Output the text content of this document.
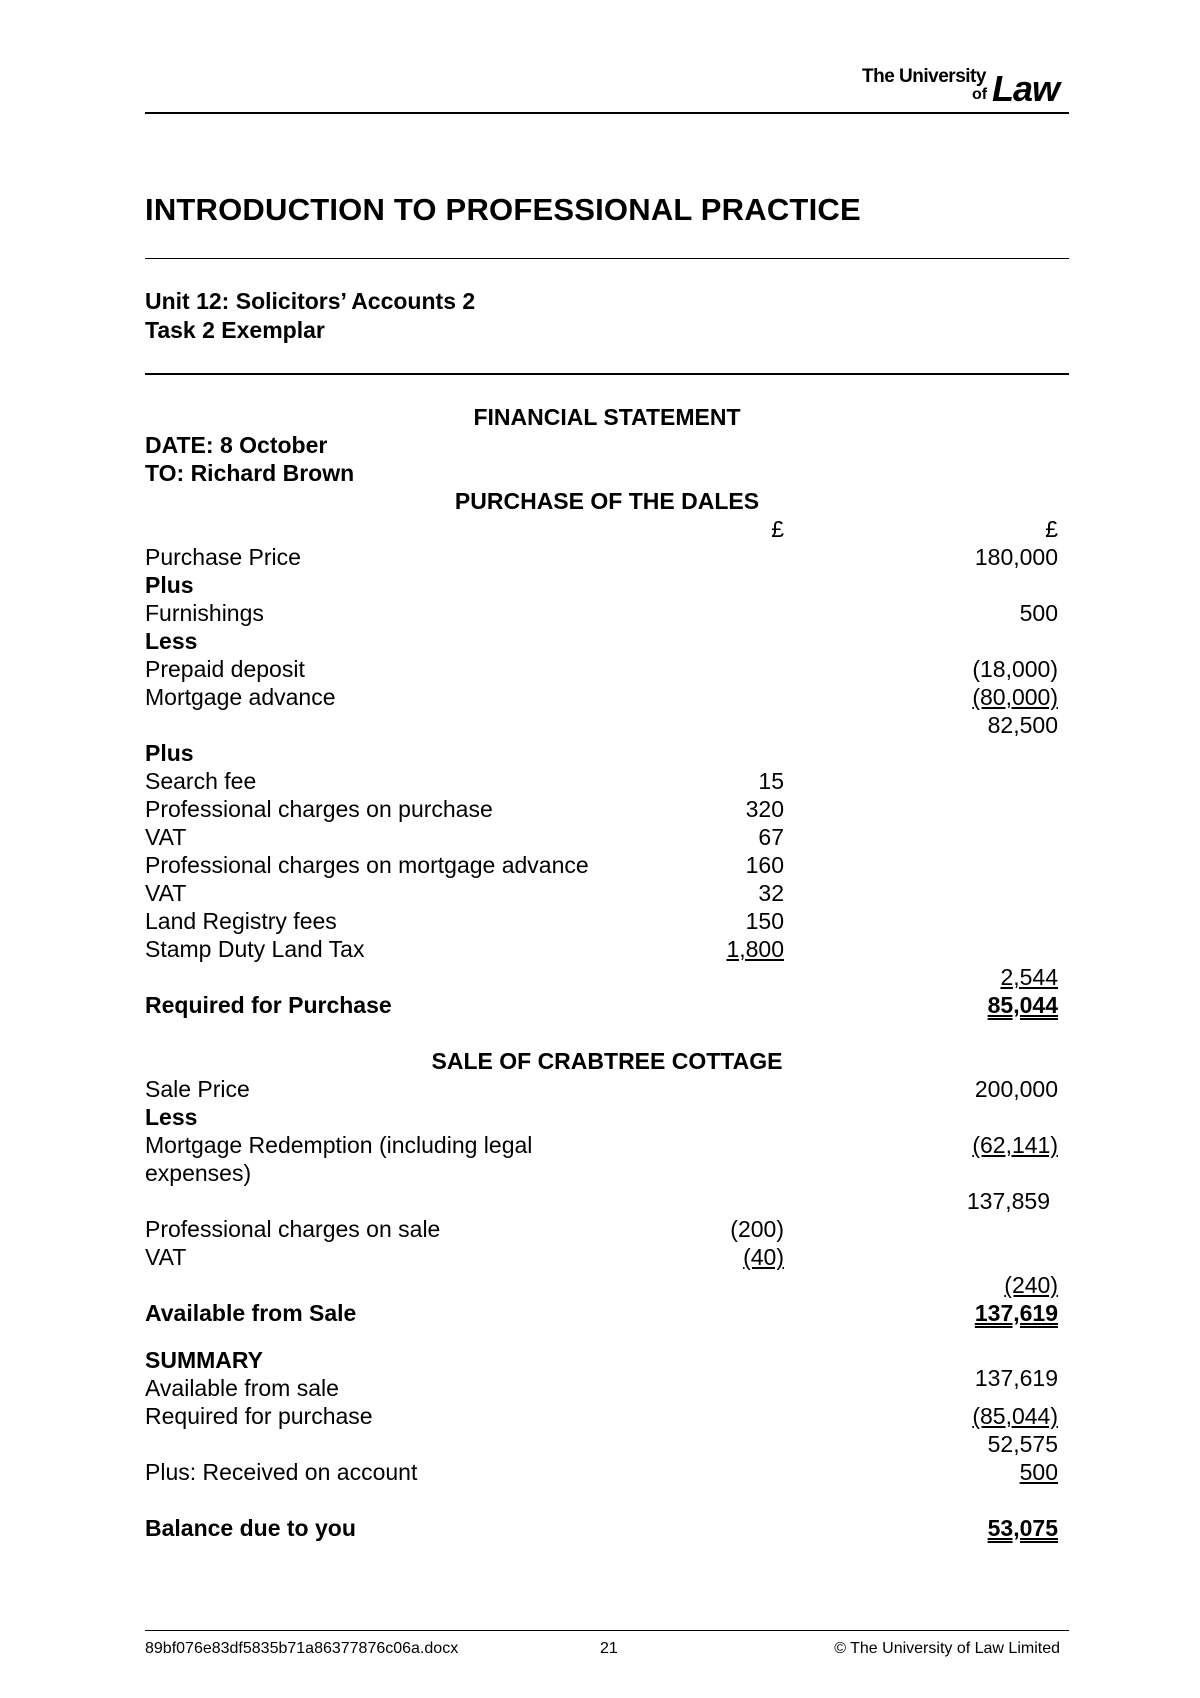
The University
of Law
INTRODUCTION TO PROFESSIONAL PRACTICE
Unit 12: Solicitors’ Accounts 2
Task 2 Exemplar
FINANCIAL STATEMENT
DATE: 8 October
TO: Richard Brown
PURCHASE OF THE DALES
£	£
Purchase Price	180,000
Plus
Furnishings	500
Less
Prepaid deposit	(18,000)
Mortgage advance	(80,000)
82,500
Plus
Search fee	15
Professional charges on purchase	320
VAT	67
Professional charges on mortgage advance	160
VAT	32
Land Registry fees	150
Stamp Duty Land Tax	1,800
2,544
Required for Purchase	85,044
SALE OF CRABTREE COTTAGE
Sale Price	200,000
Less
Mortgage Redemption (including legal	(62,141)
expenses)
137,859
Professional charges on sale	(200)
VAT	(40)
(240)
Available from Sale	137,619
SUMMARY
Available from sale	137,619
Required for purchase	(85,044)
52,575
Plus: Received on account	500
Balance due to you	53,075
89bf076e83df5835b71a86377876c06a.docx	21	© The University of Law Limited
